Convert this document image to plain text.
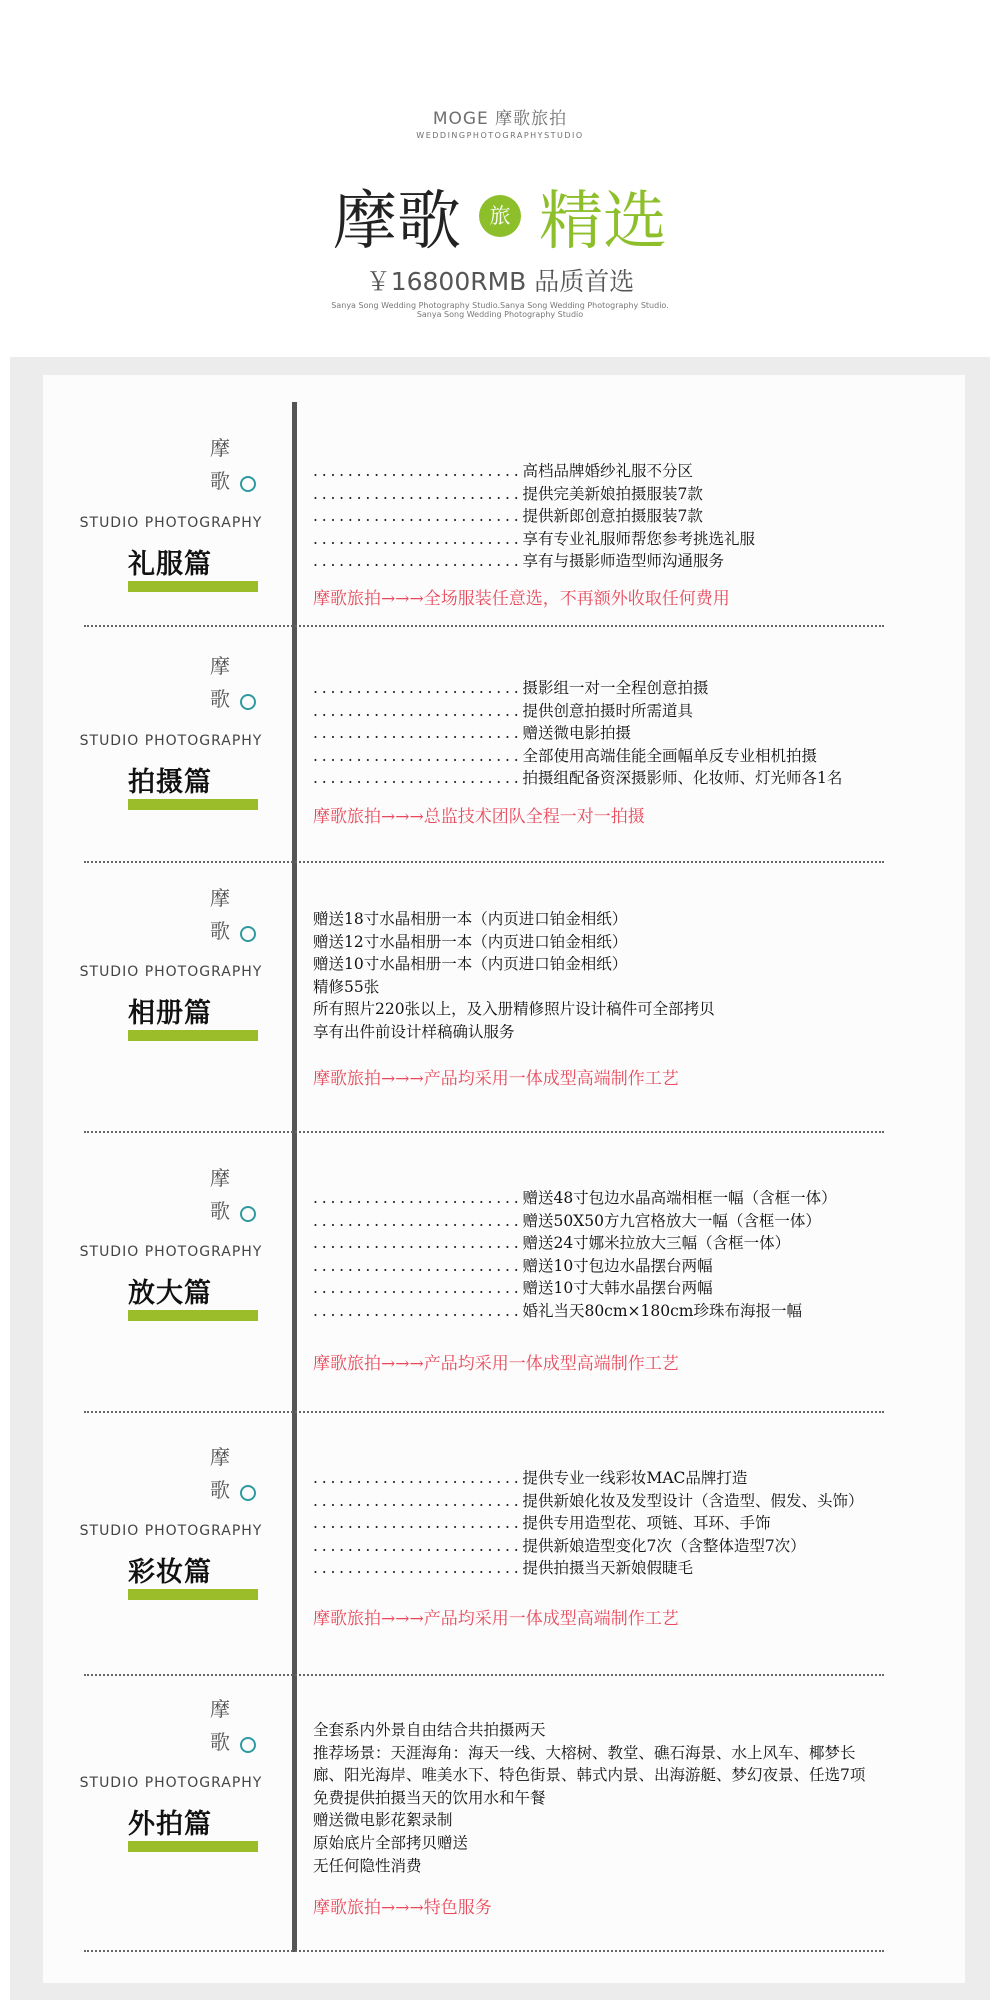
MOGE 摩歌旅拍
WEDDINGPHOTOGRAPHYSTUDIO
摩歌 旅 精选
￥16800RMB 品质首选
Sanya Song Wedding Photography Studio.Sanya Song Wedding Photography Studio.
Sanya Song Wedding Photography Studio
摩
歌
STUDIO PHOTOGRAPHY
礼服篇
........................高档品牌婚纱礼服不分区
........................提供完美新娘拍摄服装7款
........................提供新郎创意拍摄服装7款
........................享有专业礼服师帮您参考挑选礼服
........................享有与摄影师造型师沟通服务
摩歌旅拍→→→全场服装任意选，不再额外收取任何费用
摩
歌
STUDIO PHOTOGRAPHY
拍摄篇
........................摄影组一对一全程创意拍摄
........................提供创意拍摄时所需道具
........................赠送微电影拍摄
........................全部使用高端佳能全画幅单反专业相机拍摄
........................拍摄组配备资深摄影师、化妆师、灯光师各1名
摩歌旅拍→→→总监技术团队全程一对一拍摄
摩
歌
STUDIO PHOTOGRAPHY
相册篇
赠送18寸水晶相册一本（内页进口铂金相纸）
赠送12寸水晶相册一本（内页进口铂金相纸）
赠送10寸水晶相册一本（内页进口铂金相纸）
精修55张
所有照片220张以上，及入册精修照片设计稿件可全部拷贝
享有出件前设计样稿确认服务
摩歌旅拍→→→产品均采用一体成型高端制作工艺
摩
歌
STUDIO PHOTOGRAPHY
放大篇
........................赠送48寸包边水晶高端相框一幅（含框一体）
........................赠送50X50方九宫格放大一幅（含框一体）
........................赠送24寸娜米拉放大三幅（含框一体）
........................赠送10寸包边水晶摆台两幅
........................赠送10寸大韩水晶摆台两幅
........................婚礼当天80cm×180cm珍珠布海报一幅
摩歌旅拍→→→产品均采用一体成型高端制作工艺
摩
歌
STUDIO PHOTOGRAPHY
彩妆篇
........................提供专业一线彩妆MAC品牌打造
........................提供新娘化妆及发型设计（含造型、假发、头饰）
........................提供专用造型花、项链、耳环、手饰
........................提供新娘造型变化7次（含整体造型7次）
........................提供拍摄当天新娘假睫毛
摩歌旅拍→→→产品均采用一体成型高端制作工艺
摩
歌
STUDIO PHOTOGRAPHY
外拍篇
全套系内外景自由结合共拍摄两天
推荐场景：天涯海角：海天一线、大榕树、教堂、礁石海景、水上风车、椰梦长
廊、阳光海岸、唯美水下、特色街景、韩式内景、出海游艇、梦幻夜景、任选7项
免费提供拍摄当天的饮用水和午餐
赠送微电影花絮录制
原始底片全部拷贝赠送
无任何隐性消费
摩歌旅拍→→→特色服务
